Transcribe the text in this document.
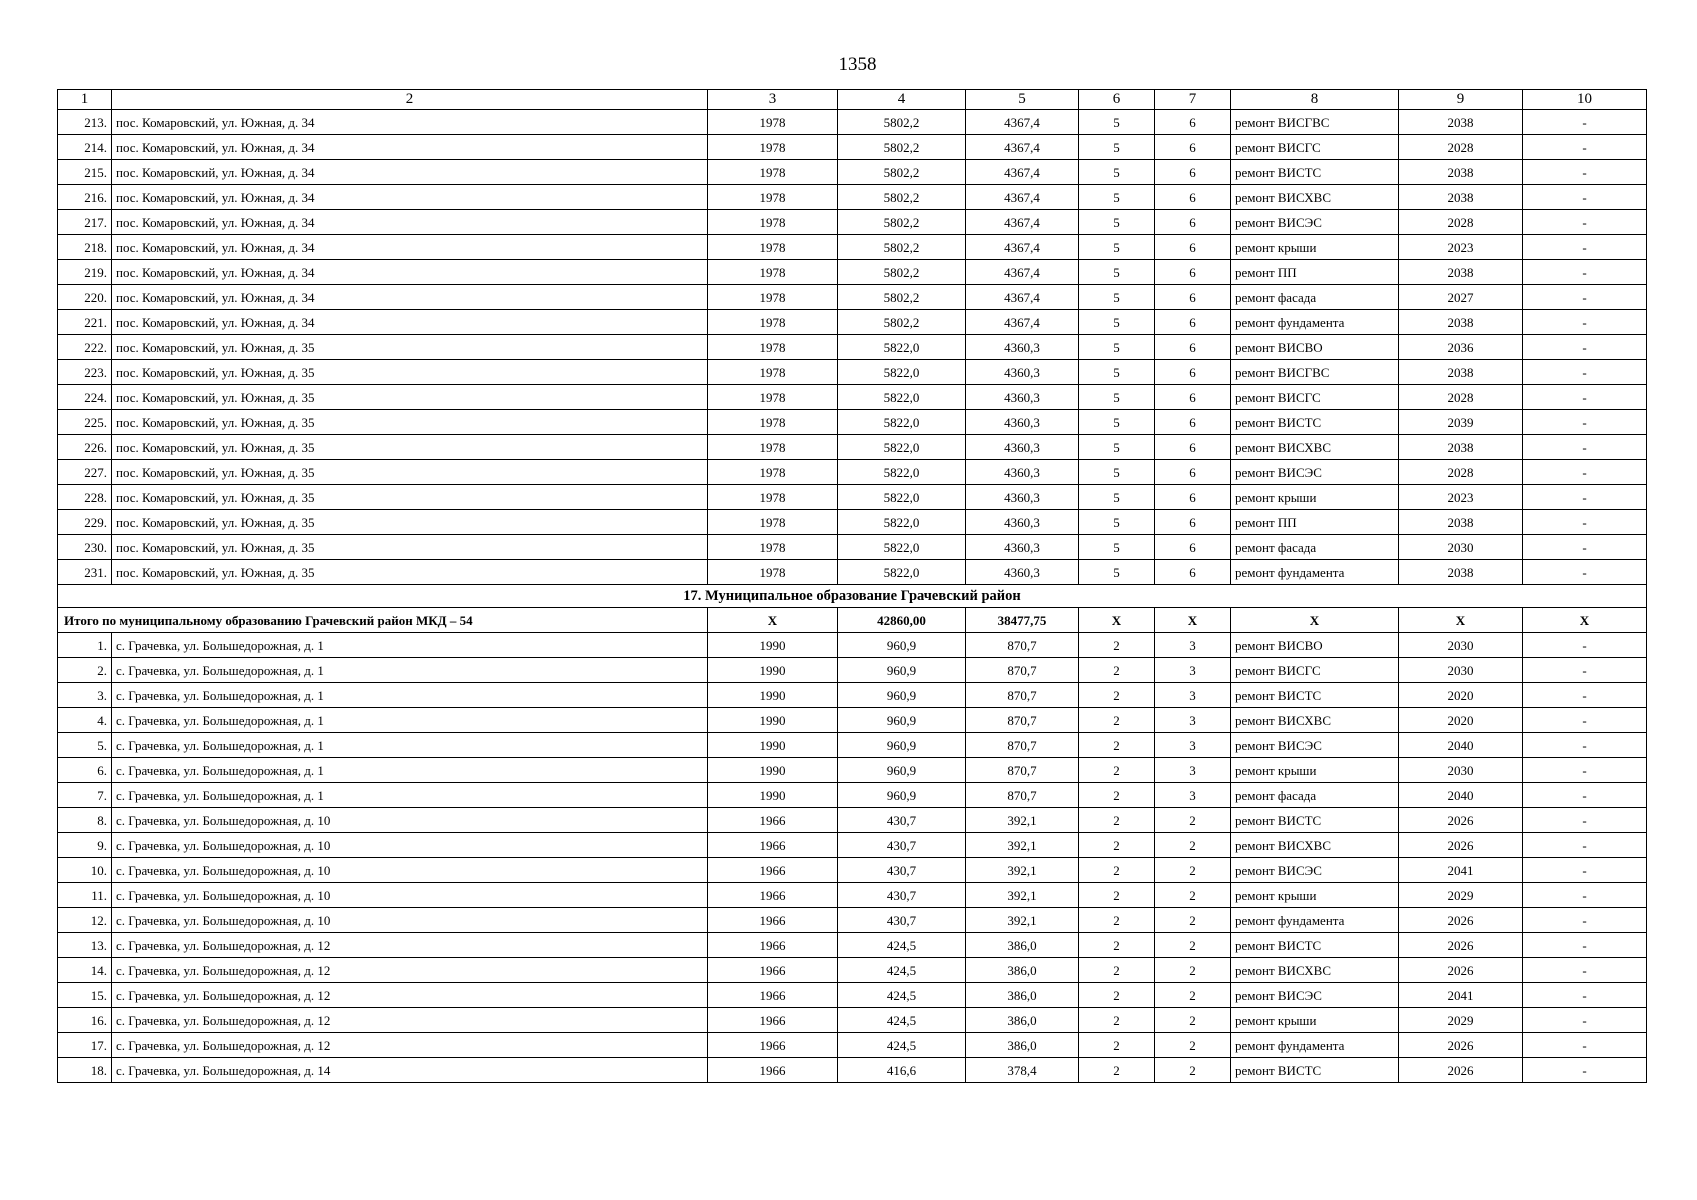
1358
1	2	3	4	5	6	7	8	9	10
213.	пос. Комаровский, ул. Южная, д. 34	1978	5802,2	4367,4	5	6	ремонт ВИСГВС	2038	-
214.	пос. Комаровский, ул. Южная, д. 34	1978	5802,2	4367,4	5	6	ремонт ВИСГС	2028	-
215.	пос. Комаровский, ул. Южная, д. 34	1978	5802,2	4367,4	5	6	ремонт ВИСТС	2038	-
216.	пос. Комаровский, ул. Южная, д. 34	1978	5802,2	4367,4	5	6	ремонт ВИСХВС	2038	-
217.	пос. Комаровский, ул. Южная, д. 34	1978	5802,2	4367,4	5	6	ремонт ВИСЭС	2028	-
218.	пос. Комаровский, ул. Южная, д. 34	1978	5802,2	4367,4	5	6	ремонт крыши	2023	-
219.	пос. Комаровский, ул. Южная, д. 34	1978	5802,2	4367,4	5	6	ремонт ПП	2038	-
220.	пос. Комаровский, ул. Южная, д. 34	1978	5802,2	4367,4	5	6	ремонт фасада	2027	-
221.	пос. Комаровский, ул. Южная, д. 34	1978	5802,2	4367,4	5	6	ремонт фундамента	2038	-
222.	пос. Комаровский, ул. Южная, д. 35	1978	5822,0	4360,3	5	6	ремонт ВИСВО	2036	-
223.	пос. Комаровский, ул. Южная, д. 35	1978	5822,0	4360,3	5	6	ремонт ВИСГВС	2038	-
224.	пос. Комаровский, ул. Южная, д. 35	1978	5822,0	4360,3	5	6	ремонт ВИСГС	2028	-
225.	пос. Комаровский, ул. Южная, д. 35	1978	5822,0	4360,3	5	6	ремонт ВИСТС	2039	-
226.	пос. Комаровский, ул. Южная, д. 35	1978	5822,0	4360,3	5	6	ремонт ВИСХВС	2038	-
227.	пос. Комаровский, ул. Южная, д. 35	1978	5822,0	4360,3	5	6	ремонт ВИСЭС	2028	-
228.	пос. Комаровский, ул. Южная, д. 35	1978	5822,0	4360,3	5	6	ремонт крыши	2023	-
229.	пос. Комаровский, ул. Южная, д. 35	1978	5822,0	4360,3	5	6	ремонт ПП	2038	-
230.	пос. Комаровский, ул. Южная, д. 35	1978	5822,0	4360,3	5	6	ремонт фасада	2030	-
231.	пос. Комаровский, ул. Южная, д. 35	1978	5822,0	4360,3	5	6	ремонт фундамента	2038	-
17. Муниципальное образование Грачевский район									
Итого по муниципальному образованию Грачевский район МКД – 54		Х	42860,00	38477,75	Х	Х	Х	Х	Х
1.	с. Грачевка, ул. Большедорожная, д. 1	1990	960,9	870,7	2	3	ремонт ВИСВО	2030	-
2.	с. Грачевка, ул. Большедорожная, д. 1	1990	960,9	870,7	2	3	ремонт ВИСГС	2030	-
3.	с. Грачевка, ул. Большедорожная, д. 1	1990	960,9	870,7	2	3	ремонт ВИСТС	2020	-
4.	с. Грачевка, ул. Большедорожная, д. 1	1990	960,9	870,7	2	3	ремонт ВИСХВС	2020	-
5.	с. Грачевка, ул. Большедорожная, д. 1	1990	960,9	870,7	2	3	ремонт ВИСЭС	2040	-
6.	с. Грачевка, ул. Большедорожная, д. 1	1990	960,9	870,7	2	3	ремонт крыши	2030	-
7.	с. Грачевка, ул. Большедорожная, д. 1	1990	960,9	870,7	2	3	ремонт фасада	2040	-
8.	с. Грачевка, ул. Большедорожная, д. 10	1966	430,7	392,1	2	2	ремонт ВИСТС	2026	-
9.	с. Грачевка, ул. Большедорожная, д. 10	1966	430,7	392,1	2	2	ремонт ВИСХВС	2026	-
10.	с. Грачевка, ул. Большедорожная, д. 10	1966	430,7	392,1	2	2	ремонт ВИСЭС	2041	-
11.	с. Грачевка, ул. Большедорожная, д. 10	1966	430,7	392,1	2	2	ремонт крыши	2029	-
12.	с. Грачевка, ул. Большедорожная, д. 10	1966	430,7	392,1	2	2	ремонт фундамента	2026	-
13.	с. Грачевка, ул. Большедорожная, д. 12	1966	424,5	386,0	2	2	ремонт ВИСТС	2026	-
14.	с. Грачевка, ул. Большедорожная, д. 12	1966	424,5	386,0	2	2	ремонт ВИСХВС	2026	-
15.	с. Грачевка, ул. Большедорожная, д. 12	1966	424,5	386,0	2	2	ремонт ВИСЭС	2041	-
16.	с. Грачевка, ул. Большедорожная, д. 12	1966	424,5	386,0	2	2	ремонт крыши	2029	-
17.	с. Грачевка, ул. Большедорожная, д. 12	1966	424,5	386,0	2	2	ремонт фундамента	2026	-
18.	с. Грачевка, ул. Большедорожная, д. 14	1966	416,6	378,4	2	2	ремонт ВИСТС	2026	-
